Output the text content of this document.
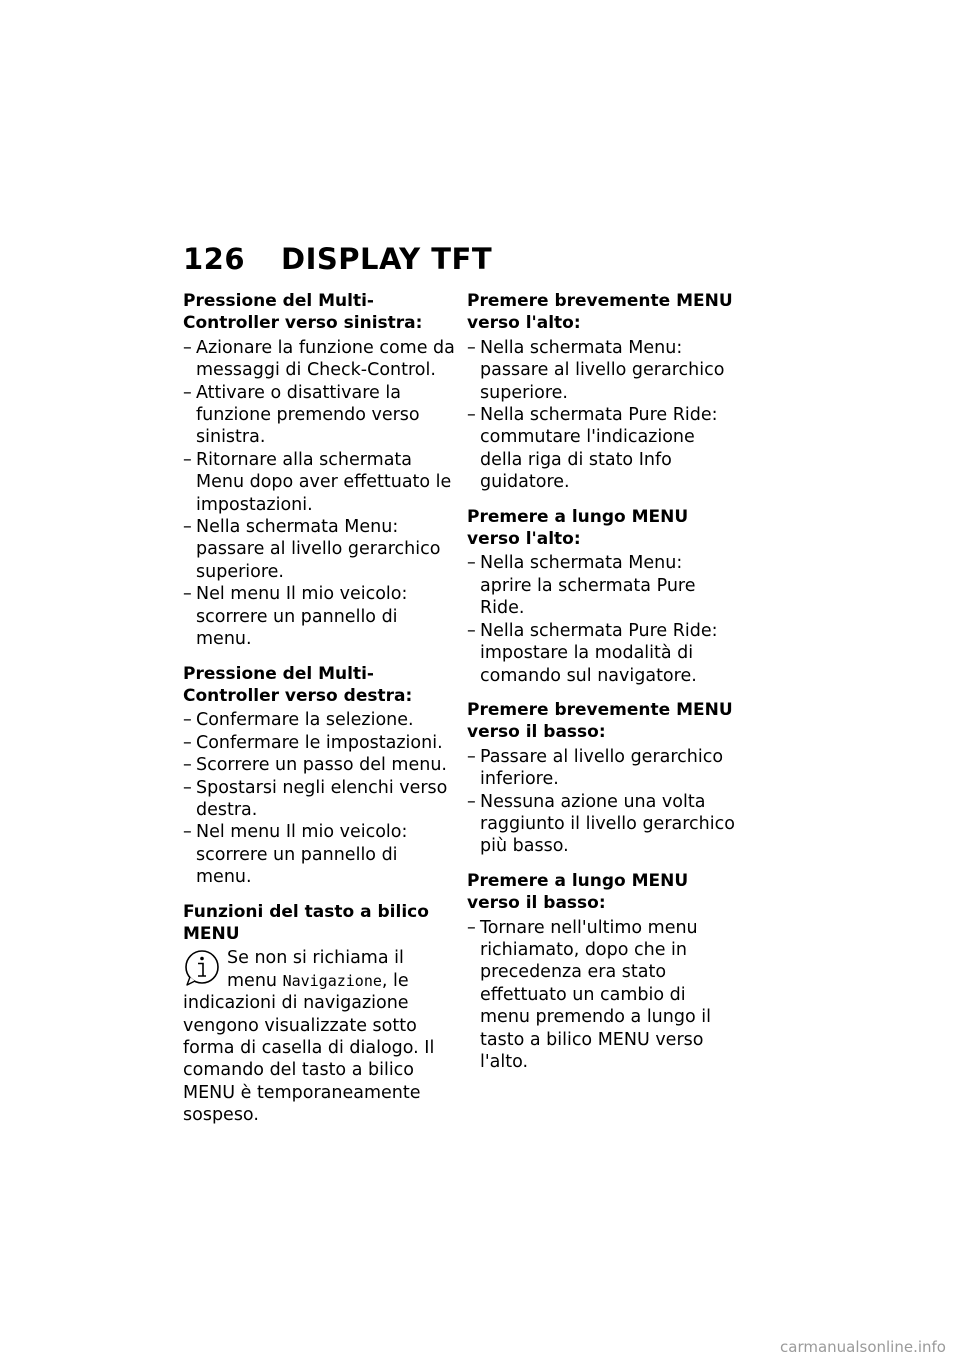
126	DISPLAY TFT
Pressione del Multi-Controller verso sinistra:
– Azionare la funzione come da messaggi di Check-Control.
– Attivare o disattivare la funzione premendo verso sinistra.
– Ritornare alla schermata Menu dopo aver effettuato le impostazioni.
– Nella schermata Menu: passare al livello gerarchico superiore.
– Nel menu Il mio veicolo: scorrere un pannello di menu.
Pressione del Multi-Controller verso destra:
– Confermare la selezione.
– Confermare le impostazioni.
– Scorrere un passo del menu.
– Spostarsi negli elenchi verso destra.
– Nel menu Il mio veicolo: scorrere un pannello di menu.
Funzioni del tasto a bilico MENU
Se non si richiama il menu Navigazione, le indicazioni di navigazione vengono visualizzate sotto forma di casella di dialogo. Il comando del tasto a bilico MENU è temporaneamente sospeso.
Premere brevemente MENU verso l'alto:
– Nella schermata Menu: passare al livello gerarchico superiore.
– Nella schermata Pure Ride: commutare l'indicazione della riga di stato Info guidatore.
Premere a lungo MENU verso l'alto:
– Nella schermata Menu: aprire la schermata Pure Ride.
– Nella schermata Pure Ride: impostare la modalità di comando sul navigatore.
Premere brevemente MENU verso il basso:
– Passare al livello gerarchico inferiore.
– Nessuna azione una volta raggiunto il livello gerarchico più basso.
Premere a lungo MENU verso il basso:
– Tornare nell'ultimo menu richiamato, dopo che in precedenza era stato effettuato un cambio di menu premendo a lungo il tasto a bilico MENU verso l'alto.
carmanualsonline.info
